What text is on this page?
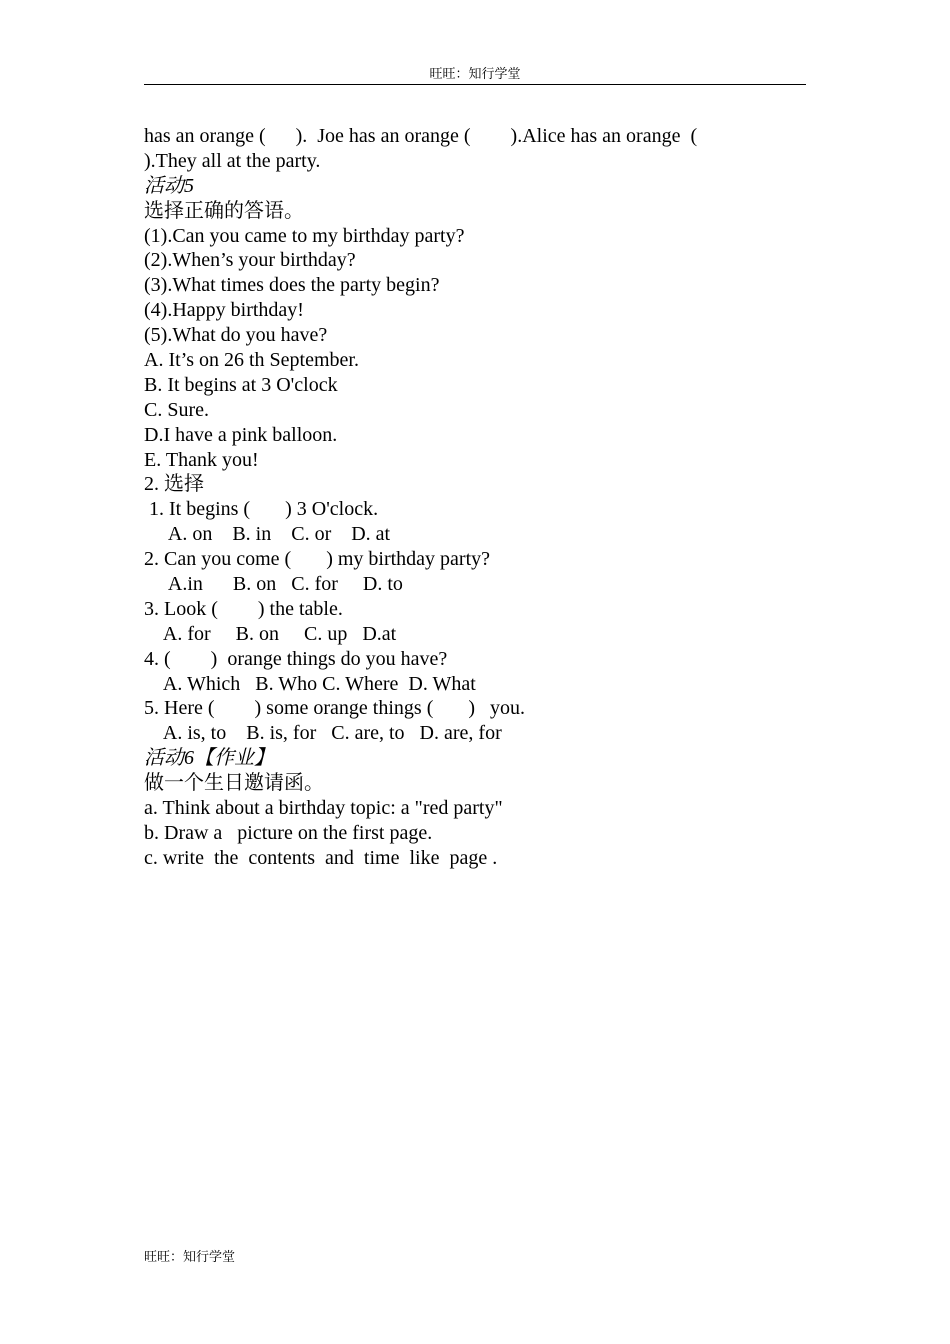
旺旺：知行学堂
has an orange (      ).  Joe has an orange (        ).Alice has an orange  (
).They all at the party.
活动5
选择正确的答语。
(1).Can you came to my birthday party?
(2).When’s your birthday?
(3).What times does the party begin?
(4).Happy birthday!
(5).What do you have?
A. It’s on 26 th September.
B. It begins at 3 O'clock
C. Sure.
D.I have a pink balloon.
E. Thank you!
2. 选择
1. It begins (       ) 3 O'clock.
A. on    B. in    C. or    D. at
2. Can you come (       ) my birthday party?
A.in      B. on   C. for     D. to
3. Look (        ) the table.
A. for     B. on     C. up   D.at
4. (        )  orange things do you have?
A. Which   B. Who C. Where  D. What
5. Here (        ) some orange things (       )   you.
A. is, to    B. is, for   C. are, to   D. are, for
活动6【作业】
做一个生日邀请函。
a. Think about a birthday topic: a "red party"
b. Draw a   picture on the first page.
c. write  the  contents  and  time  like  page .
旺旺：知行学堂
